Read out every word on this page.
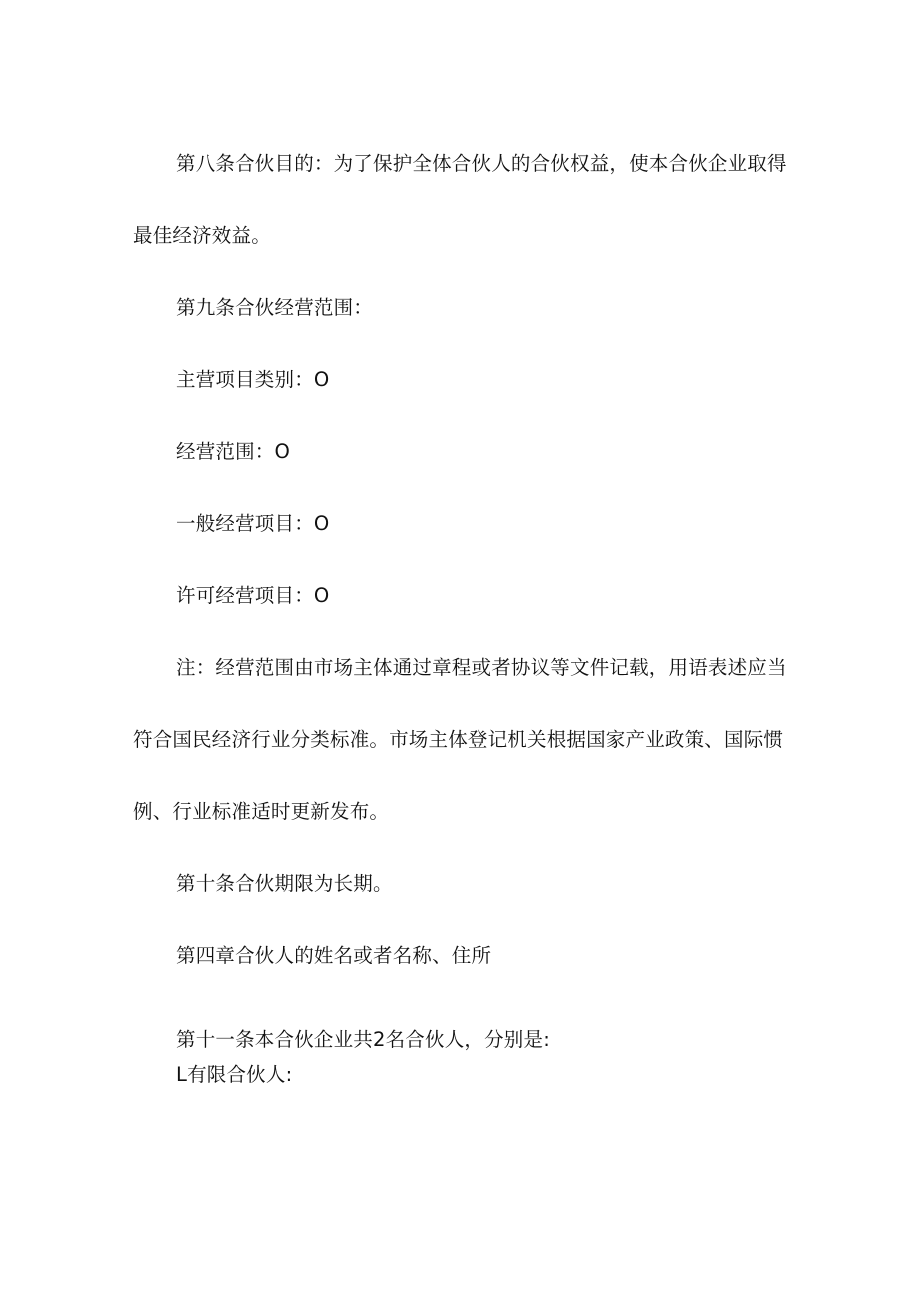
第八条合伙目的：为了保护全体合伙人的合伙权益，使本合伙企业取得
最佳经济效益。
第九条合伙经营范围：
主营项目类别：O
经营范围：O
一般经营项目：O
许可经营项目：O
注：经营范围由市场主体通过章程或者协议等文件记载，用语表述应当
符合国民经济行业分类标准。市场主体登记机关根据国家产业政策、国际惯
例、行业标准适时更新发布。
第十条合伙期限为长期。
第四章合伙人的姓名或者名称、住所
第十一条本合伙企业共2名合伙人，分别是:
L有限合伙人:
